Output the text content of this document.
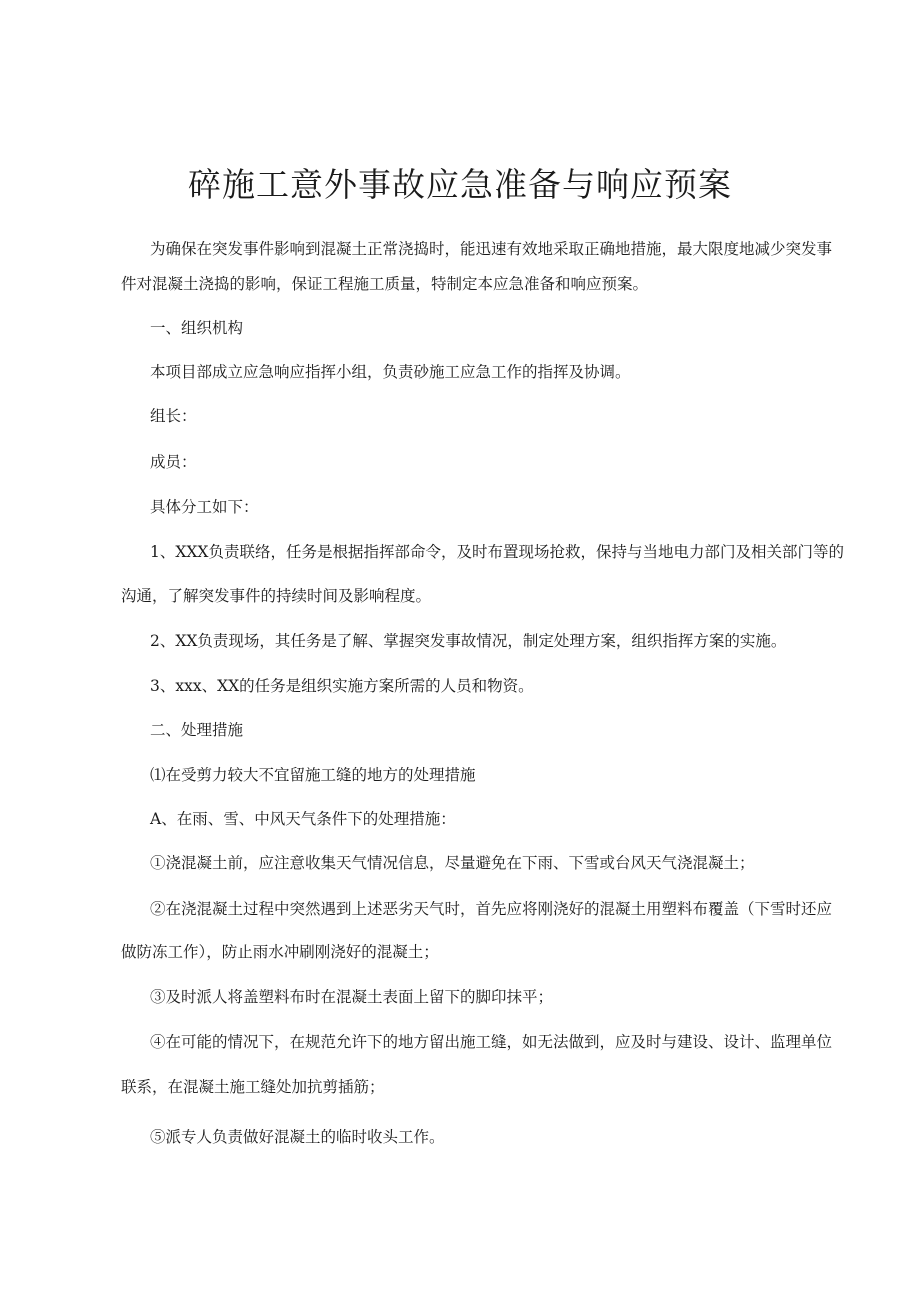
碎施工意外事故应急准备与响应预案
为确保在突发事件影响到混凝土正常浇捣时，能迅速有效地采取正确地措施，最大限度地减少突发事
件对混凝土浇捣的影响，保证工程施工质量，特制定本应急准备和响应预案。
一、组织机构
本项目部成立应急响应指挥小组，负责砂施工应急工作的指挥及协调。
组长：
成员：
具体分工如下：
1、XXX负责联络，任务是根据指挥部命令，及时布置现场抢救，保持与当地电力部门及相关部门等的
沟通，了解突发事件的持续时间及影响程度。
2、XX负责现场，其任务是了解、掌握突发事故情况，制定处理方案，组织指挥方案的实施。
3、xxx、XX的任务是组织实施方案所需的人员和物资。
二、处理措施
⑴在受剪力较大不宜留施工缝的地方的处理措施
A、在雨、雪、中风天气条件下的处理措施：
①浇混凝土前，应注意收集天气情况信息，尽量避免在下雨、下雪或台风天气浇混凝土；
②在浇混凝土过程中突然遇到上述恶劣天气时，首先应将刚浇好的混凝土用塑料布覆盖（下雪时还应
做防冻工作），防止雨水冲刷刚浇好的混凝土；
③及时派人将盖塑料布时在混凝土表面上留下的脚印抹平；
④在可能的情况下，在规范允许下的地方留出施工缝，如无法做到，应及时与建设、设计、监理单位
联系，在混凝土施工缝处加抗剪插筋；
⑤派专人负责做好混凝土的临时收头工作。
